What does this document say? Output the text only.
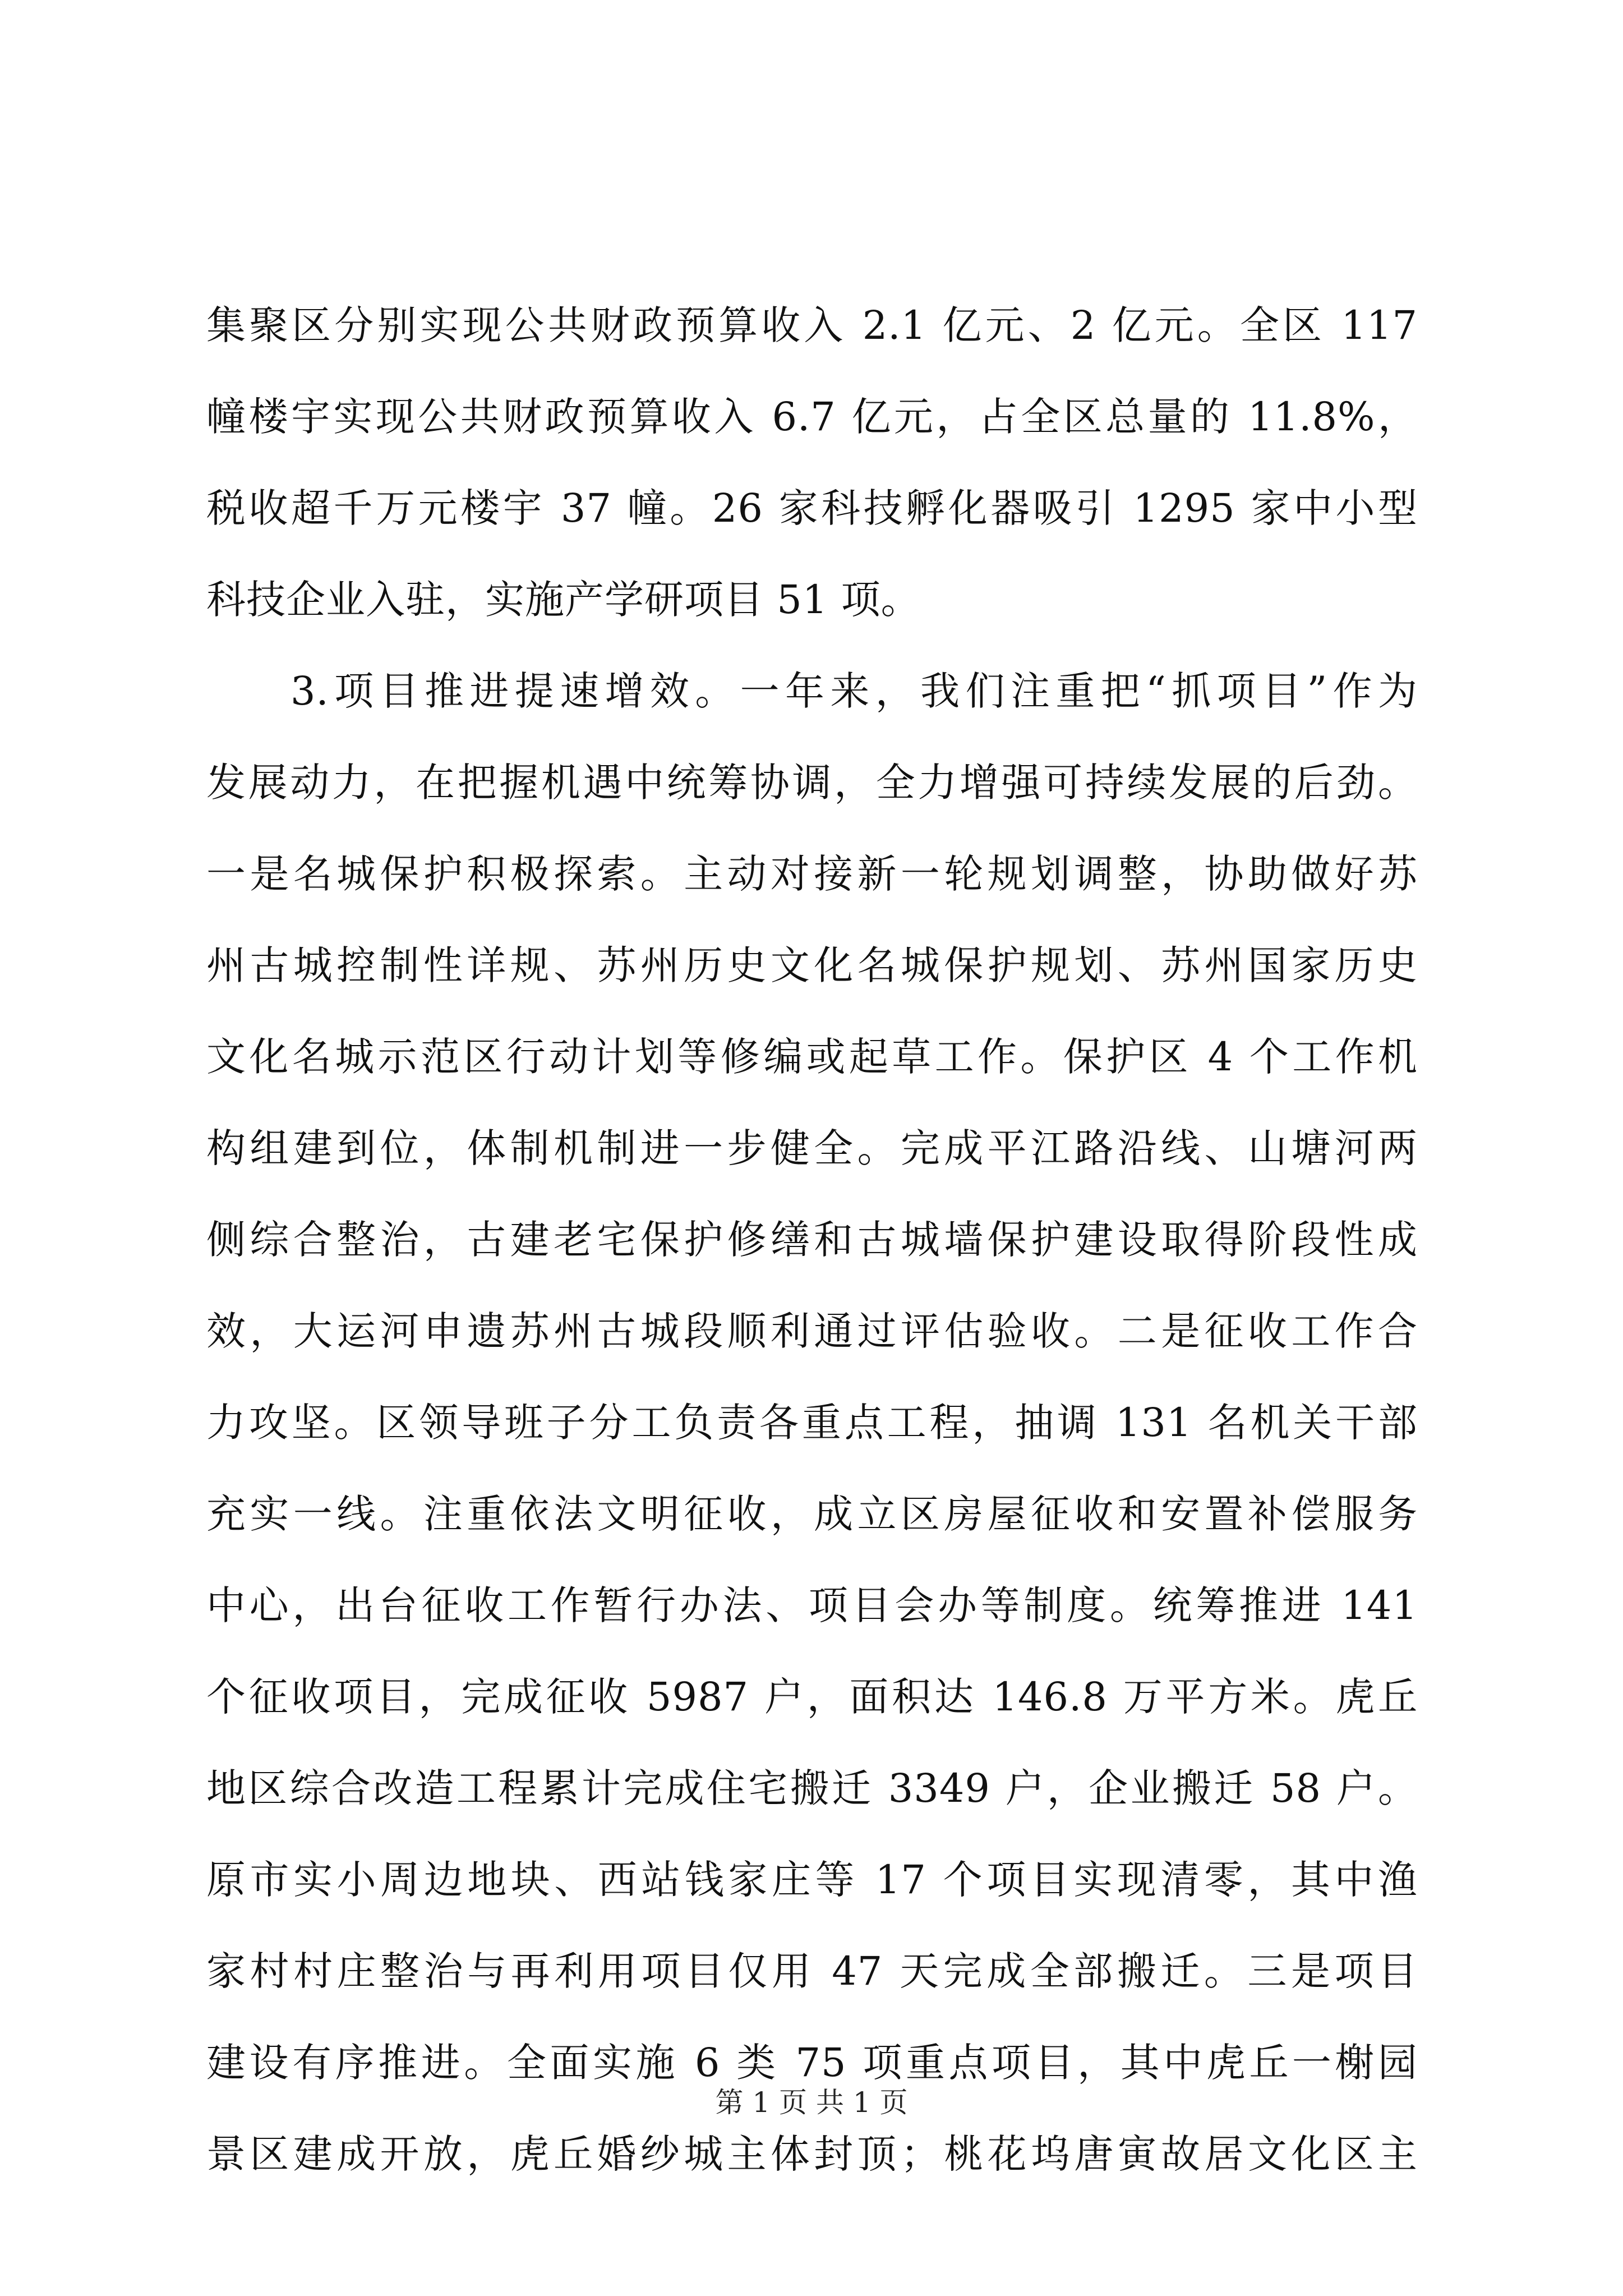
集聚区分别实现公共财政预算收入 2.1 亿元、2 亿元。全区 117
幢楼宇实现公共财政预算收入 6.7 亿元，占全区总量的 11.8%，
税收超千万元楼宇 37 幢。26 家科技孵化器吸引 1295 家中小型
科技企业入驻，实施产学研项目 51 项。
3.项目推进提速增效。一年来，我们注重把“抓项目”作为
发展动力，在把握机遇中统筹协调，全力增强可持续发展的后劲。
一是名城保护积极探索。主动对接新一轮规划调整，协助做好苏
州古城控制性详规、苏州历史文化名城保护规划、苏州国家历史
文化名城示范区行动计划等修编或起草工作。保护区 4 个工作机
构组建到位，体制机制进一步健全。完成平江路沿线、山塘河两
侧综合整治，古建老宅保护修缮和古城墙保护建设取得阶段性成
效，大运河申遗苏州古城段顺利通过评估验收。二是征收工作合
力攻坚。区领导班子分工负责各重点工程，抽调 131 名机关干部
充实一线。注重依法文明征收，成立区房屋征收和安置补偿服务
中心，出台征收工作暂行办法、项目会办等制度。统筹推进 141
个征收项目，完成征收 5987 户，面积达 146.8 万平方米。虎丘
地区综合改造工程累计完成住宅搬迁 3349 户，企业搬迁 58 户。
原市实小周边地块、西站钱家庄等 17 个项目实现清零，其中渔
家村村庄整治与再利用项目仅用 47 天完成全部搬迁。三是项目
建设有序推进。全面实施 6 类 75 项重点项目，其中虎丘一榭园
景区建成开放，虎丘婚纱城主体封顶；桃花坞唐寅故居文化区主
第 1 页 共 1 页
